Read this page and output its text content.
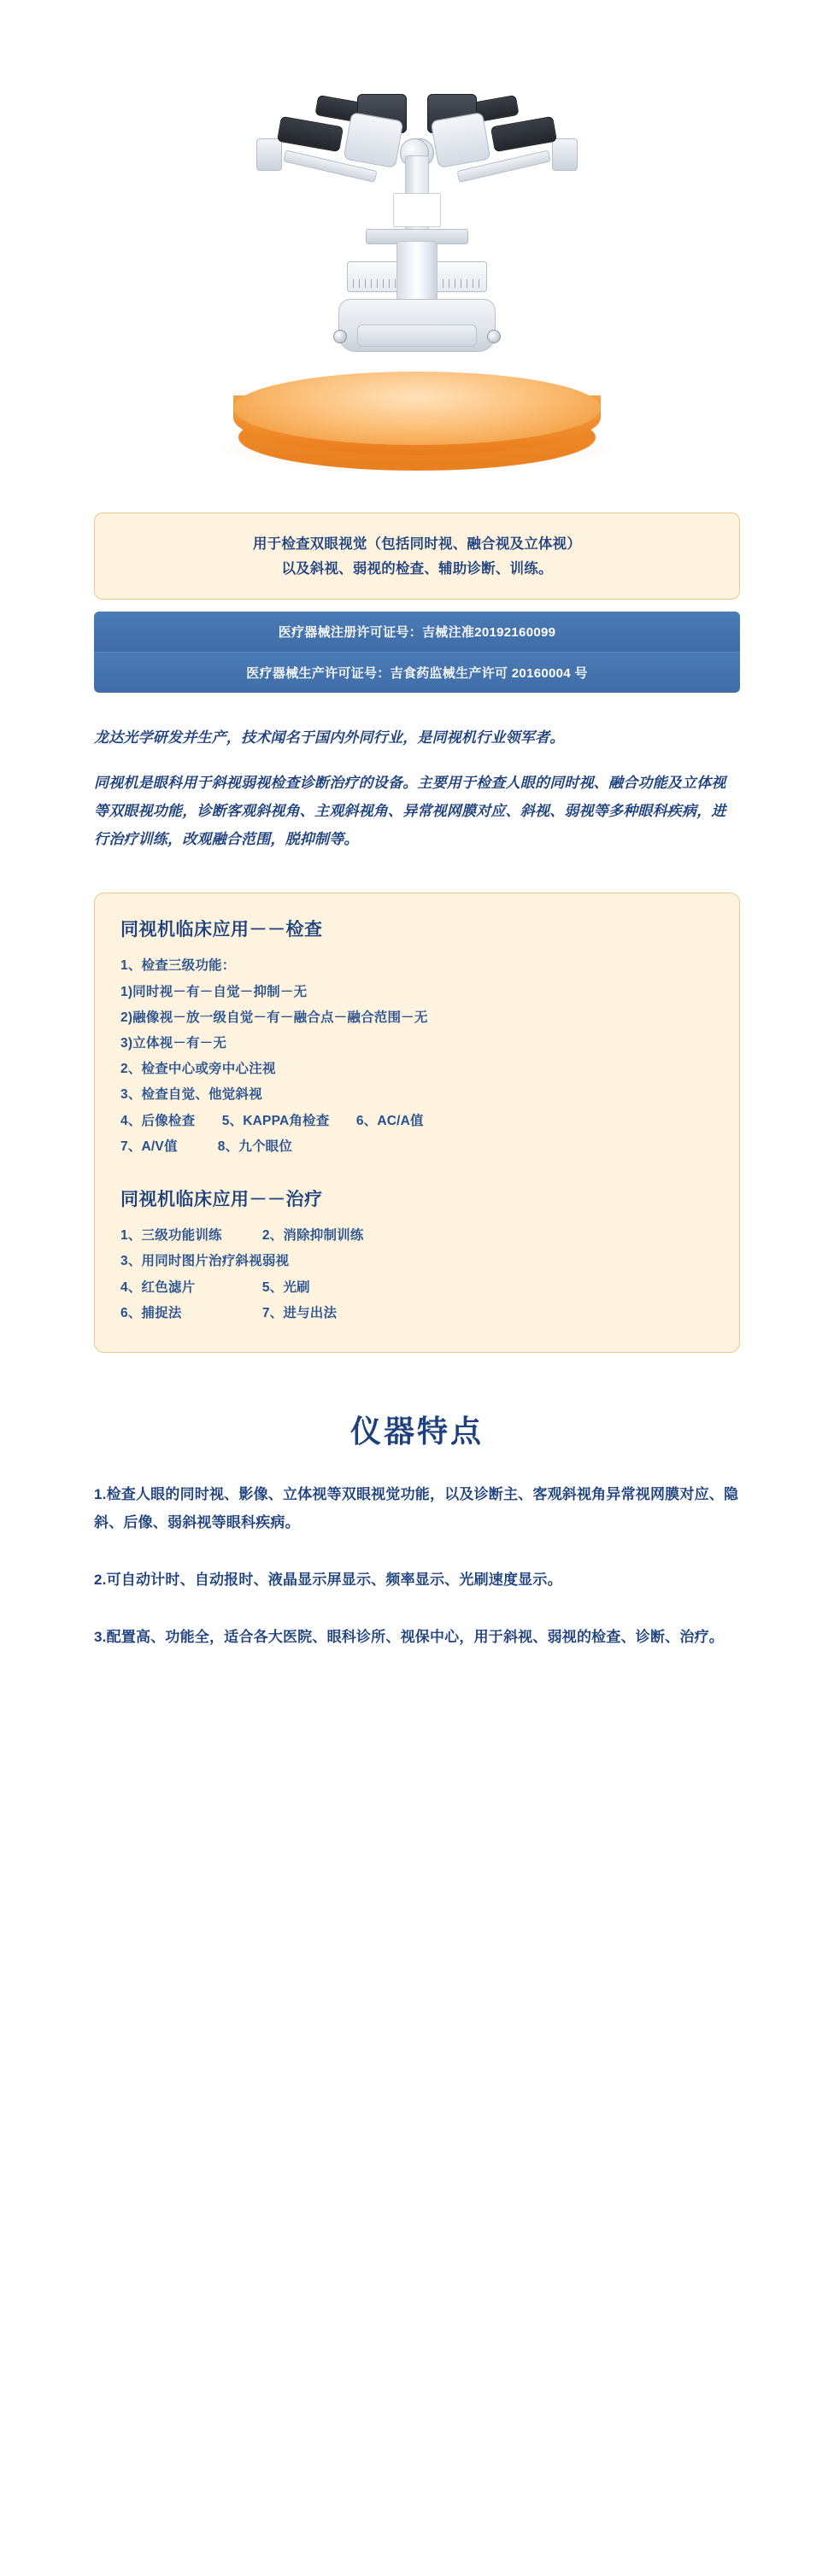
用于检查双眼视觉（包括同时视、融合视及立体视）

以及斜视、弱视的检查、辅助诊断、训练。

医疗器械注册许可证号：吉械注准20192160099
医疗器械生产许可证号：吉食药监械生产许可 20160004 号

龙达光学研发并生产，技术闻名于国内外同行业，是同视机行业领军者。

同视机是眼科用于斜视弱视检查诊断治疗的设备。主要用于检查人眼的同时视、融合功能及立体视等双眼视功能，诊断客观斜视角、主观斜视角、异常视网膜对应、斜视、弱视等多种眼科疾病，进行治疗训练，改观融合范围，脱抑制等。

同视机临床应用－－检查
1、检查三级功能：
1)同时视－有－自觉－抑制－无
2)融像视－放一级自觉－有－融合点－融合范围－无
3)立体视－有－无
2、检查中心或旁中心注视
3、检查自觉、他觉斜视
4、后像检查　　5、KAPPA角检查　　6、AC/A值
7、A/V值　　　8、九个眼位
同视机临床应用－－治疗
1、三级功能训练　　　2、消除抑制训练
3、用同时图片治疗斜视弱视
4、红色滤片　　　　　5、光刷
6、捕捉法　　　　　　7、进与出法
仪器特点

1.检查人眼的同时视、影像、立体视等双眼视觉功能，以及诊断主、客观斜视角异常视网膜对应、隐斜、后像、弱斜视等眼科疾病。

2.可自动计时、自动报时、液晶显示屏显示、频率显示、光刷速度显示。

3.配置高、功能全，适合各大医院、眼科诊所、视保中心，用于斜视、弱视的检查、诊断、治疗。
